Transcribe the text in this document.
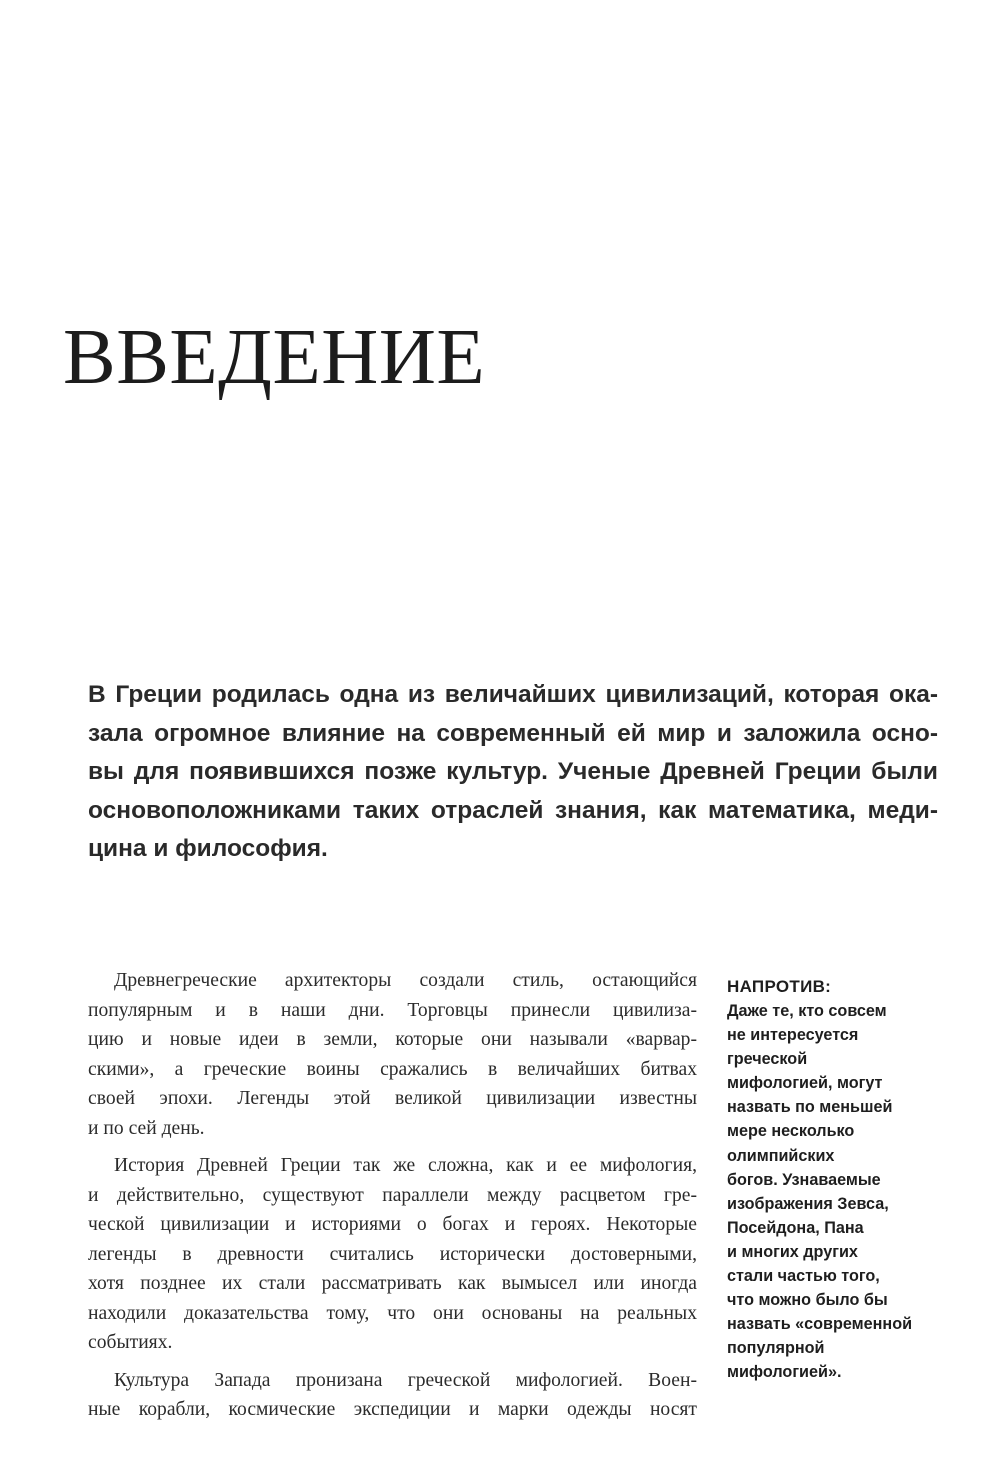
ВВЕДЕНИЕ
В Греции родилась одна из величайших цивилизаций, которая ока-
зала огромное влияние на современный ей мир и заложила осно-
вы для появившихся позже культур. Ученые Древней Греции были
основоположниками таких отраслей знания, как математика, меди-
цина и философия.
Древнегреческие архитекторы создали стиль, остающийся
популярным и в наши дни. Торговцы принесли цивилиза-
цию и новые идеи в земли, которые они называли «варвар-
скими», а греческие воины сражались в величайших битвах
своей эпохи. Легенды этой великой цивилизации известны
и по сей день.
История Древней Греции так же сложна, как и ее мифология,
и действительно, существуют параллели между расцветом гре-
ческой цивилизации и историями о богах и героях. Некоторые
легенды в древности считались исторически достоверными,
хотя позднее их стали рассматривать как вымысел или иногда
находили доказательства тому, что они основаны на реальных
событиях.
Культура Запада пронизана греческой мифологией. Воен-
ные корабли, космические экспедиции и марки одежды носят
НАПРОТИВ:
Даже те, кто совсем
не интересуется
греческой
мифологией, могут
назвать по меньшей
мере несколько
олимпийских
богов. Узнаваемые
изображения Зевса,
Посейдона, Пана
и многих других
стали частью того,
что можно было бы
назвать «современной
популярной
мифологией».
